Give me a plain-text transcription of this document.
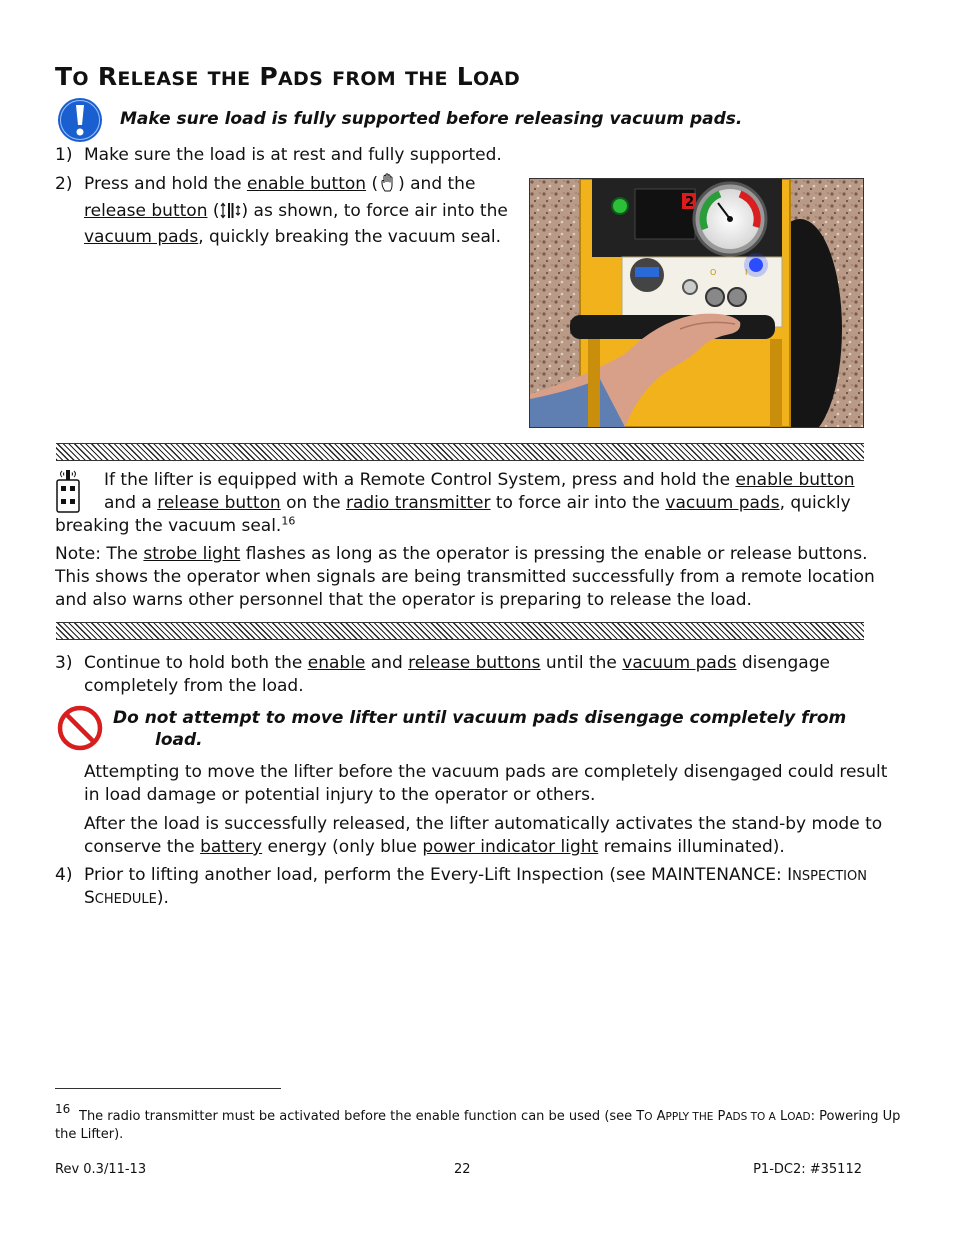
TO RELEASE THE PADS FROM THE LOAD
Make sure load is fully supported before releasing vacuum pads.
1) Make sure the load is at rest and fully supported.
2) Press and hold the enable button ( ) and the release button ( ) as shown, to force air into the vacuum pads, quickly breaking the vacuum seal.
2
O	I
If the lifter is equipped with a Remote Control System, press and hold the enable button
and a release button on the radio transmitter to force air into the vacuum pads, quickly
breaking the vacuum seal.$^{16}$
Note: The strobe light flashes as long as the operator is pressing the enable or release buttons.
This shows the operator when signals are being transmitted successfully from a remote location
and also warns other personnel that the operator is preparing to release the load.
3) Continue to hold both the enable and release buttons until the vacuum pads disengage
completely from the load.
Do not attempt to move lifter until vacuum pads disengage completely from
load.
Attempting to move the lifter before the vacuum pads are completely disengaged could result
in load damage or potential injury to the operator or others.
After the load is successfully released, the lifter automatically activates the stand-by mode to
conserve the battery energy (only blue power indicator light remains illuminated).
4) Prior to lifting another load, perform the Every-Lift Inspection (see MAINTENANCE: INSPECTION
SCHEDULE).
16 The radio transmitter must be activated before the enable function can be used (see TO APPLY THE PADS TO A LOAD: Powering Up
the Lifter).
Rev 0.3/11-13	22	P1-DC2: #35112
